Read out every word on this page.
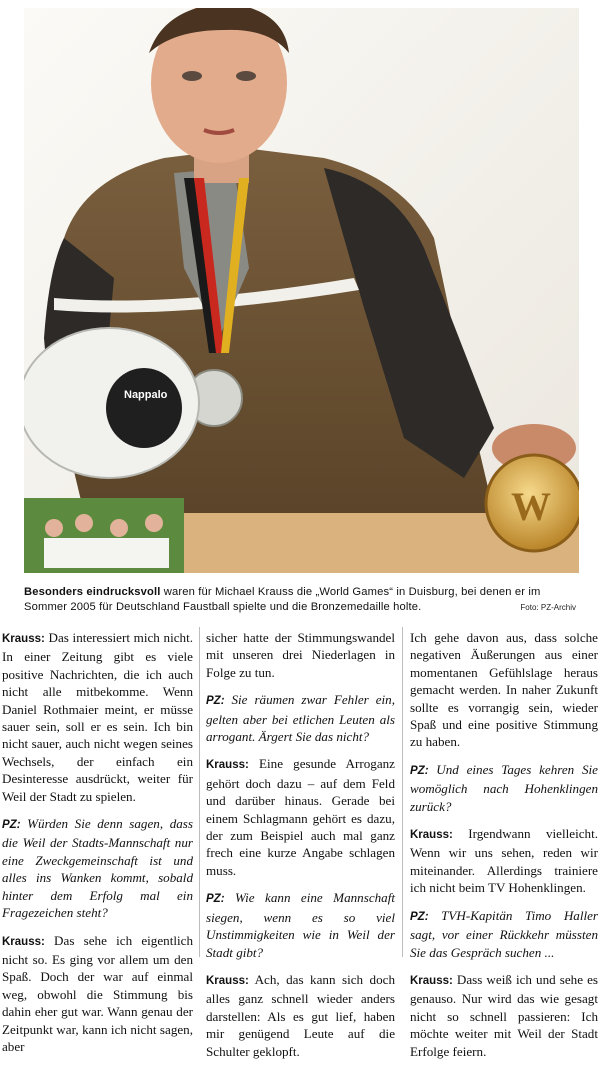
Nappalo
W
Besonders eindrucksvoll waren für Michael Krauss die „World Games“ in Duisburg, bei denen er im Sommer 2005 für Deutschland Faustball spielte und die Bronzemedaille holte.	Foto: PZ-Archiv

Krauss: Das interessiert mich nicht. In einer Zeitung gibt es viele positive Nachrichten, die ich auch nicht alle mitbekomme. Wenn Daniel Rothmaier meint, er müsse sauer sein, soll er es sein. Ich bin nicht sauer, auch nicht wegen seines Wechsels, der einfach ein Desinteresse ausdrückt, weiter für Weil der Stadt zu spielen.

PZ: Würden Sie denn sagen, dass die Weil der Stadts-Mannschaft nur eine Zweckgemeinschaft ist und alles ins Wanken kommt, sobald hinter dem Erfolg mal ein Fragezeichen steht?

Krauss: Das sehe ich eigentlich nicht so. Es ging vor allem um den Spaß. Doch der war auf einmal weg, obwohl die Stimmung bis dahin eher gut war. Wann genau der Zeitpunkt war, kann ich nicht sagen, aber

sicher hatte der Stimmungswandel mit unseren drei Niederlagen in Folge zu tun.

PZ: Sie räumen zwar Fehler ein, gelten aber bei etlichen Leuten als arrogant. Ärgert Sie das nicht?

Krauss: Eine gesunde Arroganz gehört doch dazu – auf dem Feld und darüber hinaus. Gerade bei einem Schlagmann gehört es dazu, der zum Beispiel auch mal ganz frech eine kurze Angabe schlagen muss.

PZ: Wie kann eine Mannschaft siegen, wenn es so viel Unstimmigkeiten wie in Weil der Stadt gibt?

Krauss: Ach, das kann sich doch alles ganz schnell wieder anders darstellen: Als es gut lief, haben mir genügend Leute auf die Schulter geklopft.

Ich gehe davon aus, dass solche negativen Äußerungen aus einer momentanen Gefühlslage heraus gemacht werden. In naher Zukunft sollte es vorrangig sein, wieder Spaß und eine positive Stimmung zu haben.

PZ: Und eines Tages kehren Sie womöglich nach Hohenklingen zurück?

Krauss: Irgendwann vielleicht. Wenn wir uns sehen, reden wir miteinander. Allerdings trainiere ich nicht beim TV Hohenklingen.

PZ: TVH-Kapitän Timo Haller sagt, vor einer Rückkehr müssten Sie das Gespräch suchen ...

Krauss: Dass weiß ich und sehe es genauso. Nur wird das wie gesagt nicht so schnell passieren: Ich möchte weiter mit Weil der Stadt Erfolge feiern.
